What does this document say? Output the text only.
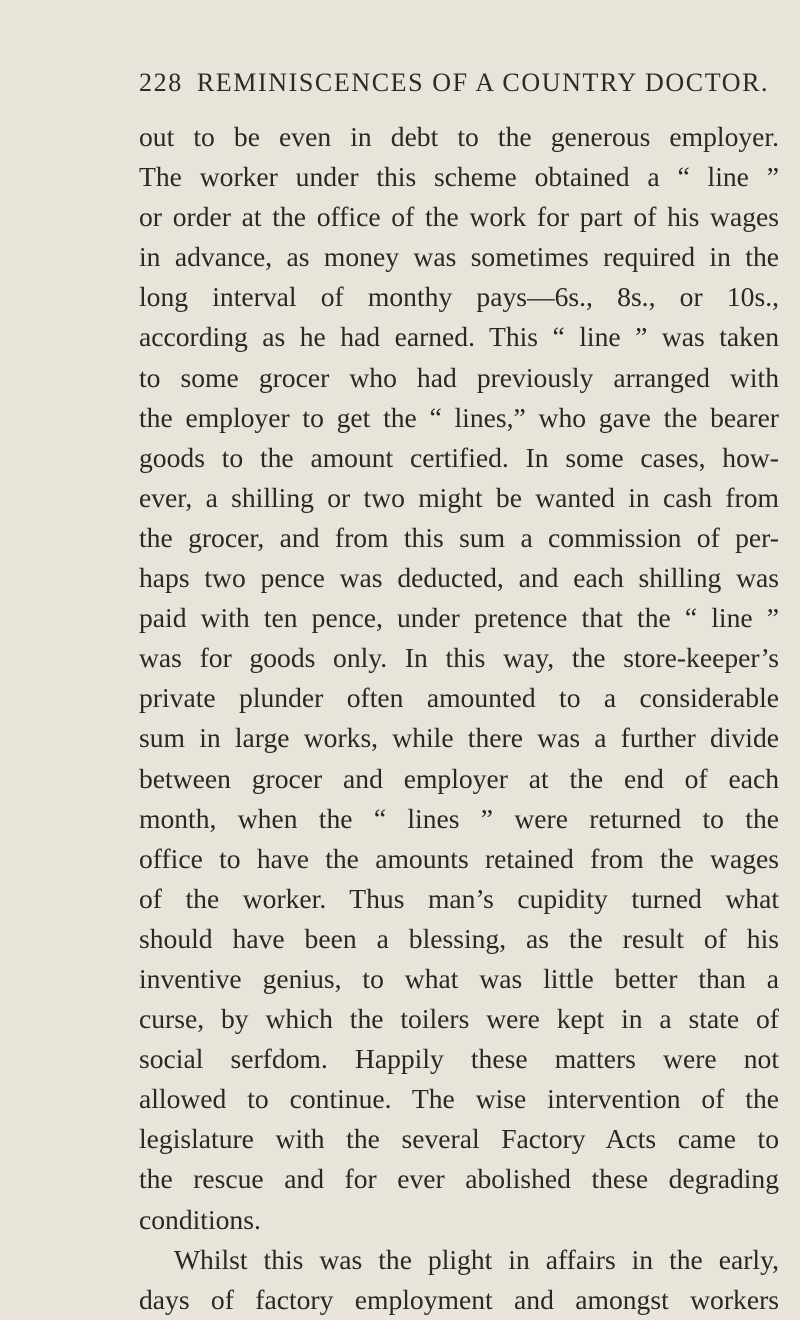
228 REMINISCENCES OF A COUNTRY DOCTOR.
out to be even in debt to the generous employer.
The worker under this scheme obtained a “ line ”
or order at the office of the work for part of his wages
in advance, as money was sometimes required in the
long interval of monthy pays—6s., 8s., or 10s.,
according as he had earned. This “ line ” was taken
to some grocer who had previously arranged with
the employer to get the “ lines,” who gave the bearer
goods to the amount certified. In some cases, how-
ever, a shilling or two might be wanted in cash from
the grocer, and from this sum a commission of per-
haps two pence was deducted, and each shilling was
paid with ten pence, under pretence that the “ line ”
was for goods only. In this way, the store-keeper’s
private plunder often amounted to a considerable
sum in large works, while there was a further divide
between grocer and employer at the end of each
month, when the “ lines ” were returned to the
office to have the amounts retained from the wages
of the worker. Thus man’s cupidity turned what
should have been a blessing, as the result of his
inventive genius, to what was little better than a
curse, by which the toilers were kept in a state of
social serfdom. Happily these matters were not
allowed to continue. The wise intervention of the
legislature with the several Factory Acts came to
the rescue and for ever abolished these degrading
conditions.
Whilst this was the plight in affairs in the early,
days of factory employment and amongst workers
